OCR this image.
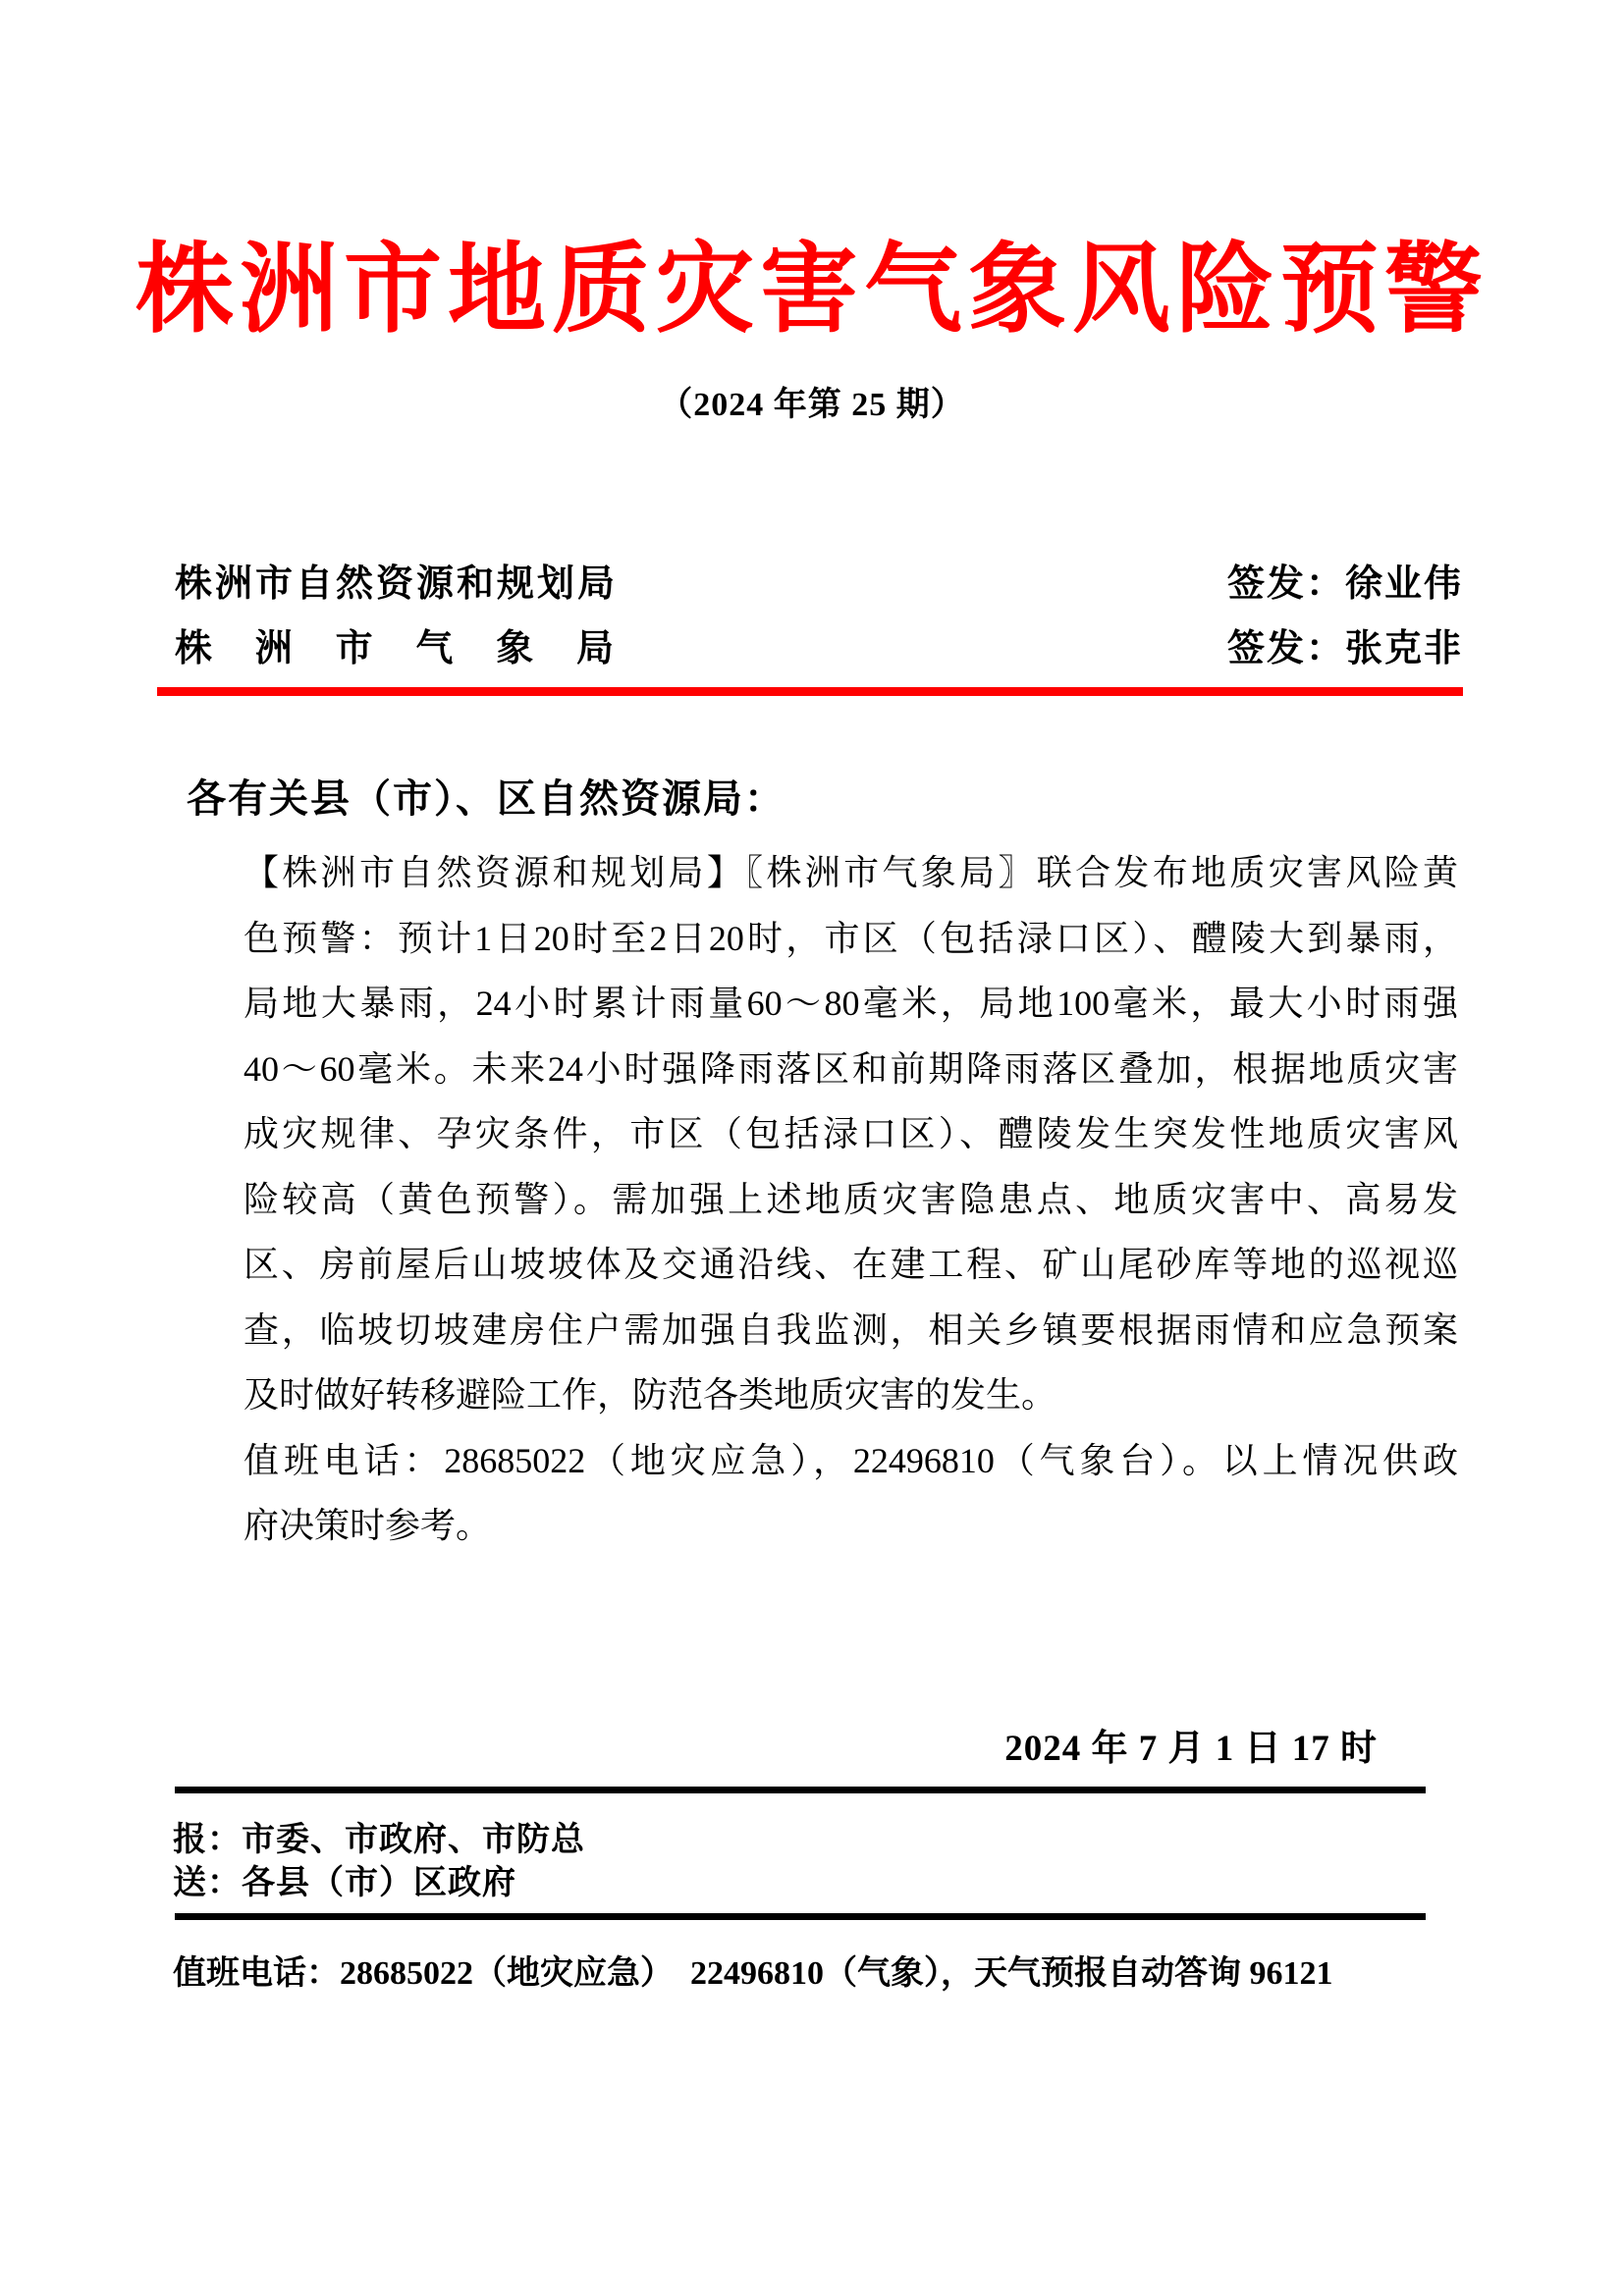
株洲市地质灾害气象风险预警
（2024 年第 25 期）
株洲市自然资源和规划局	签发：徐业伟
株洲市气象局	签发：张克非
各有关县（市）、区自然资源局：
【株洲市自然资源和规划局】〖株洲市气象局〗联合发布地质灾害风险黄
色预警：预计1日20时至2日20时，市区（包括渌口区）、醴陵大到暴雨，
局地大暴雨，24小时累计雨量60～80毫米，局地100毫米，最大小时雨强
40～60毫米。未来24小时强降雨落区和前期降雨落区叠加，根据地质灾害
成灾规律、孕灾条件，市区（包括渌口区）、醴陵发生突发性地质灾害风
险较高（黄色预警）。需加强上述地质灾害隐患点、地质灾害中、高易发
区、房前屋后山坡坡体及交通沿线、在建工程、矿山尾砂库等地的巡视巡
查，临坡切坡建房住户需加强自我监测，相关乡镇要根据雨情和应急预案
及时做好转移避险工作，防范各类地质灾害的发生。
值班电话：28685022（地灾应急），22496810（气象台）。以上情况供政
府决策时参考。
2024 年 7 月 1 日 17 时
报：市委、市政府、市防总
送：各县（市）区政府
值班电话：28685022（地灾应急）  22496810（气象），天气预报自动答询 96121
